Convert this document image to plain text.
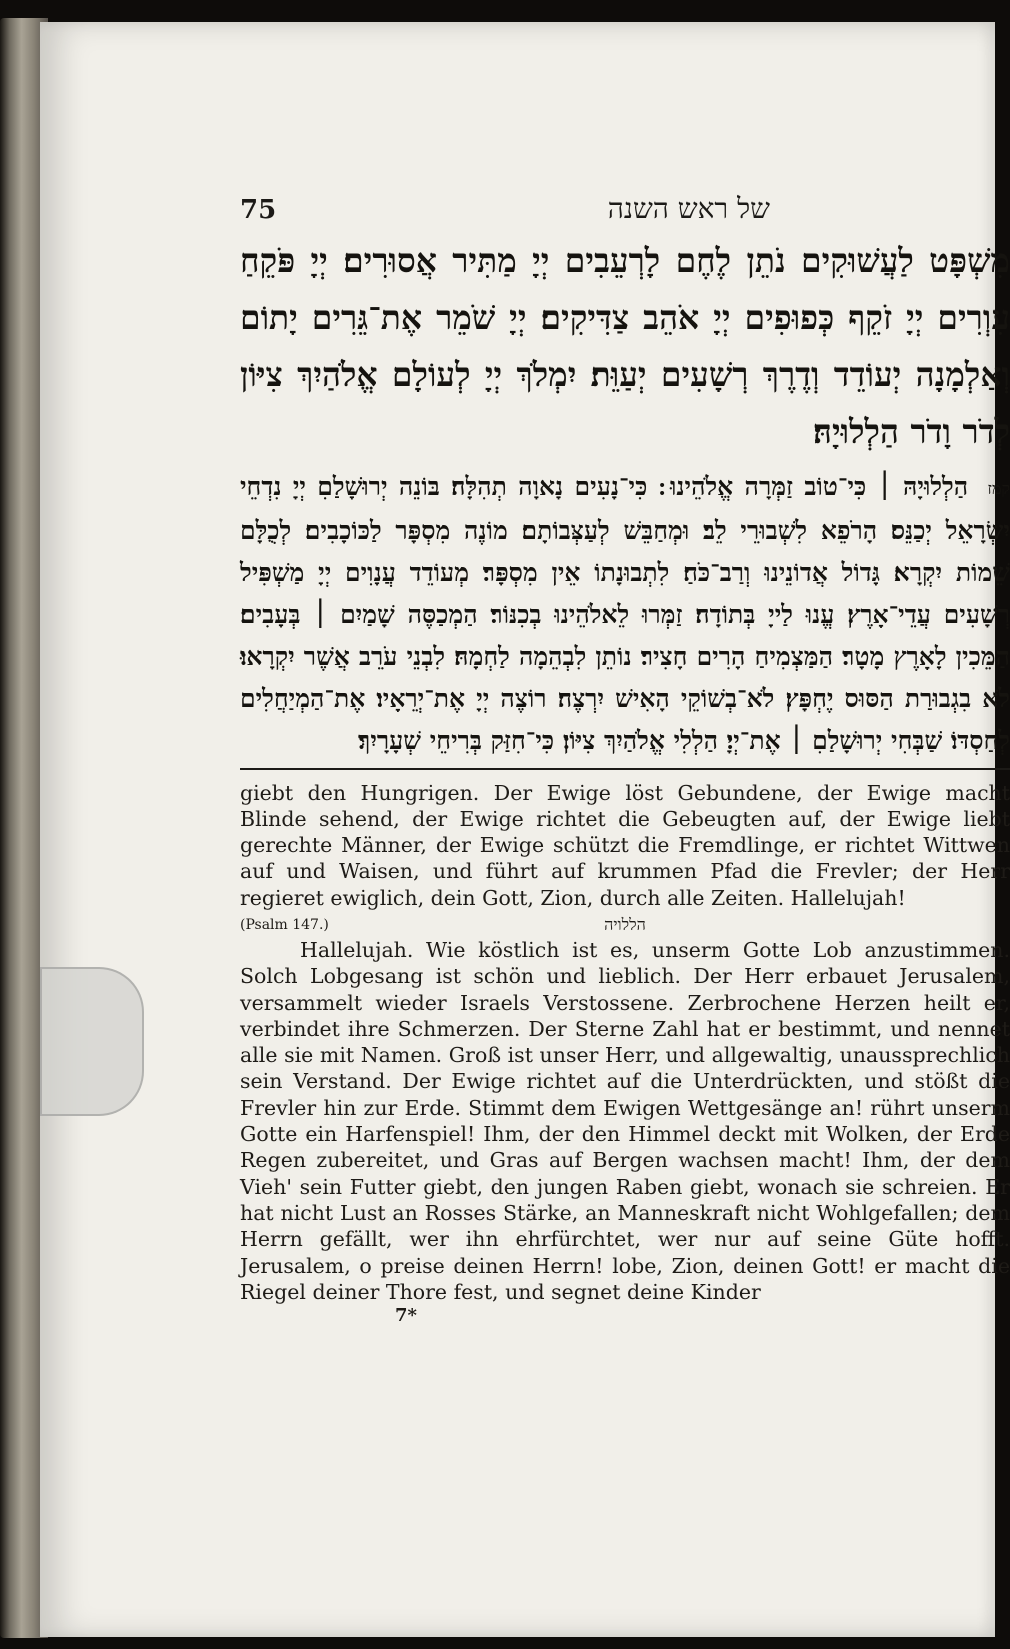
75	של ראש השנה

מִשְׁפָּט לַעֲשׁוּקִים נֹתֵן לֶחֶם לָרְעֵבִים יְיָ מַתִּיר אֲסוּרִים׃ יְיָ פֹּקֵחַ עִוְרִים יְיָ זֹקֵף כְּפוּפִים יְיָ אֹהֵב צַדִּיקִים׃ יְיָ שֹׁמֵר אֶת־גֵּרִים יָתוֹם וְאַלְמָנָה יְעוֹדֵד וְדֶרֶךְ רְשָׁעִים יְעַוֵּת׃ יִמְלֹךְ יְיָ לְעוֹלָם אֱלֹהַיִךְ צִיּוֹן לְדֹר וָדֹר הַלְלוּיָהּ׃

קמז הַלְלוּיָהּ ׀ כִּי־טוֹב זַמְּרָה אֱלֹהֵינוּ ׃ כִּי־נָעִים נָאוָה תְהִלָּה׃ בּוֹנֵה יְרוּשָׁלַםִ יְיָ נִדְחֵי יִשְׂרָאֵל יְכַנֵּס׃ הָרֹפֵא לִשְׁבוּרֵי לֵב׃ וּמְחַבֵּשׁ לְעַצְּבוֹתָם׃ מוֹנֶה מִסְפָּר לַכּוֹכָבִים׃ לְכֻלָּם שֵׁמוֹת יִקְרָא׃ גָּדוֹל אֲדוֹנֵינוּ וְרַב־כֹּחַ׃ לִתְבוּנָתוֹ אֵין מִסְפָּר׃ מְעוֹדֵד עֲנָוִים יְיָ מַשְׁפִּיל רְשָׁעִים עֲדֵי־אָרֶץ׃ עֱנוּ לַייָ בְּתוֹדָה׃ זַמְּרוּ לֵאלֹהֵינוּ בְכִנּוֹר׃ הַמְכַסֶּה שָׁמַיִם ׀ בְּעָבִים׃ הַמֵּכִין לָאָרֶץ מָטָר׃ הַמַּצְמִיחַ הָרִים חָצִיר׃ נוֹתֵן לִבְהֵמָה לַחְמָהּ׃ לִבְנֵי עֹרֵב אֲשֶׁר יִקְרָאוּ׃ לֹא בִגְבוּרַת הַסּוּס יֶחְפָּץ׃ לֹא־בְשׁוֹקֵי הָאִישׁ יִרְצֶה׃ רוֹצֶה יְיָ אֶת־יְרֵאָיו׃ אֶת־הַמְיַחֲלִים לְחַסְדּוֹ׃ שַׁבְּחִי יְרוּשָׁלַםִ ׀ אֶת־יְיָ׃ הַלְלִי אֱלֹהַיִךְ צִיּוֹן׃ כִּי־חִזַּק בְּרִיחֵי שְׁעָרָיִךְ׃

giebt den Hungrigen. Der Ewige löst Gebundene, der Ewige macht Blinde sehend, der Ewige richtet die Gebeugten auf, der Ewige liebt gerechte Männer, der Ewige schützt die Fremdlinge, er richtet Wittwen auf und Waisen, und führt auf krummen Pfad die Frevler; der Herr regieret ewiglich, dein Gott, Zion, durch alle Zeiten. Hallelujah!

(Psalm 147.)	הללויה

Hallelujah. Wie köstlich ist es, unserm Gotte Lob anzustimmen. Solch Lobgesang ist schön und lieblich. Der Herr erbauet Jerusalem, versammelt wieder Israels Verstossene. Zerbrochene Herzen heilt er, verbindet ihre Schmerzen. Der Sterne Zahl hat er bestimmt, und nennet alle sie mit Namen. Groß ist unser Herr, und allgewaltig, unaussprechlich sein Verstand. Der Ewige richtet auf die Unterdrückten, und stößt die Frevler hin zur Erde. Stimmt dem Ewigen Wettgesänge an! rührt unserm Gotte ein Harfenspiel! Ihm, der den Himmel deckt mit Wolken, der Erde Regen zubereitet, und Gras auf Bergen wachsen macht! Ihm, der dem Vieh' sein Futter giebt, den jungen Raben giebt, wonach sie schreien. Er hat nicht Lust an Rosses Stärke, an Manneskraft nicht Wohlgefallen; dem Herrn gefällt, wer ihn ehrfürchtet, wer nur auf seine Güte hofft. Jerusalem, o preise deinen Herrn! lobe, Zion, deinen Gott! er macht die Riegel deiner Thore fest, und segnet deine Kinder

7*
